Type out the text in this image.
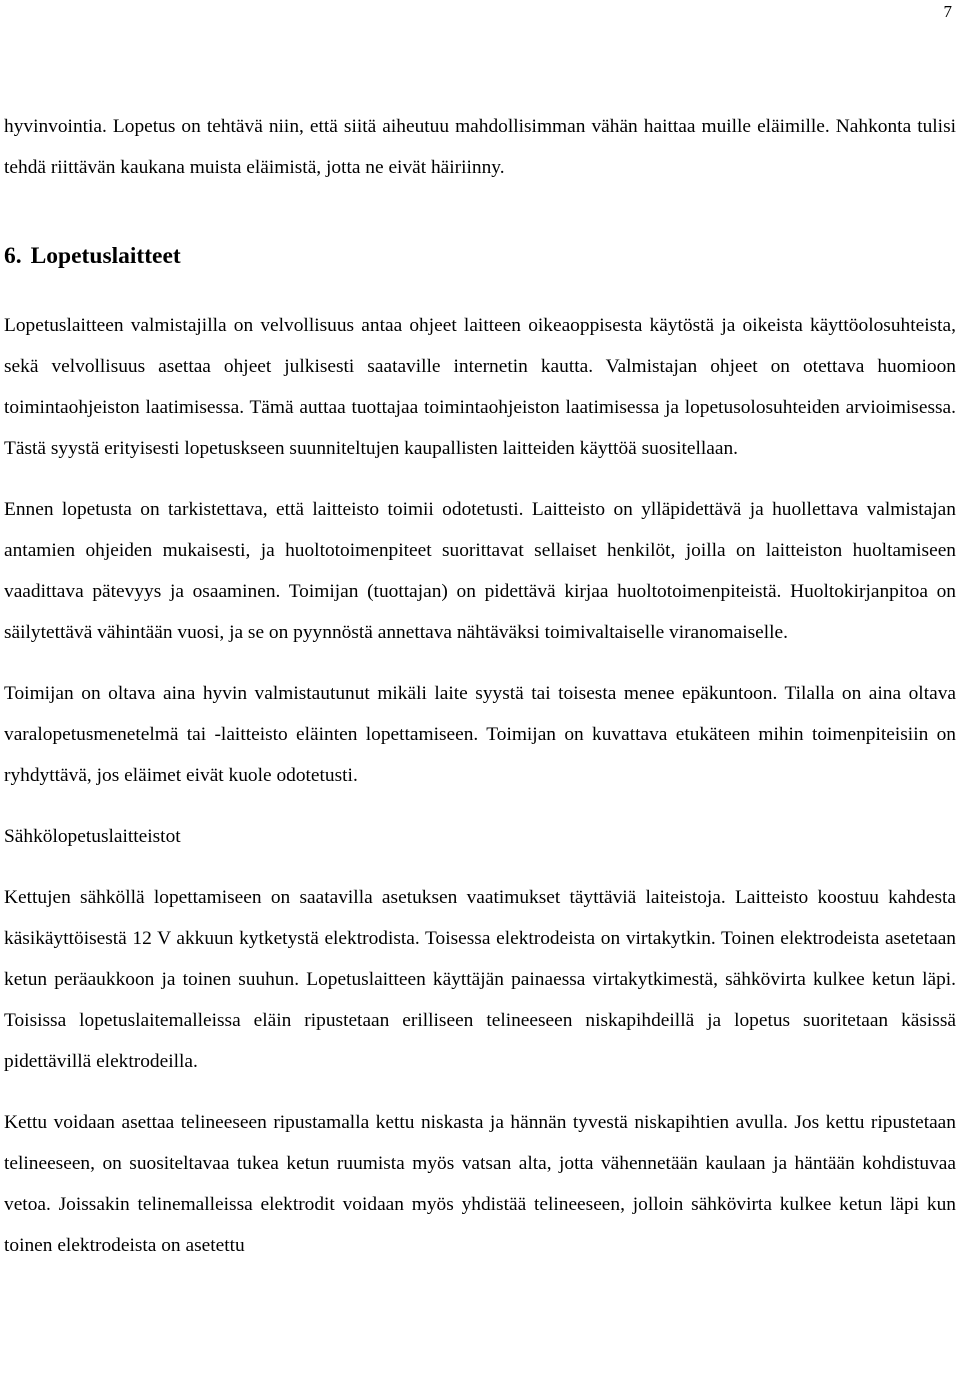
7

hyvinvointia. Lopetus on tehtävä niin, että siitä aiheutuu mahdollisimman vähän haittaa muille eläimille. Nahkonta tulisi tehdä riittävän kaukana muista eläimistä, jotta ne eivät häiriinny.

6. Lopetuslaitteet

Lopetuslaitteen valmistajilla on velvollisuus antaa ohjeet laitteen oikeaoppisesta käytöstä ja oikeista käyttöolosuhteista, sekä velvollisuus asettaa ohjeet julkisesti saataville internetin kautta. Valmistajan ohjeet on otettava huomioon toimintaohjeiston laatimisessa. Tämä auttaa tuottajaa toimintaohjeiston laatimisessa ja lopetusolosuhteiden arvioimisessa. Tästä syystä erityisesti lopetuskseen suunniteltujen kaupallisten laitteiden käyttöä suositellaan.

Ennen lopetusta on tarkistettava, että laitteisto toimii odotetusti. Laitteisto on ylläpidettävä ja huollettava valmistajan antamien ohjeiden mukaisesti, ja huoltotoimenpiteet suorittavat sellaiset henkilöt, joilla on laitteiston huoltamiseen vaadittava pätevyys ja osaaminen. Toimijan (tuottajan) on pidettävä kirjaa huoltotoimenpiteistä. Huoltokirjanpitoa on säilytettävä vähintään vuosi, ja se on pyynnöstä annettava nähtäväksi toimivaltaiselle viranomaiselle.

Toimijan on oltava aina hyvin valmistautunut mikäli laite syystä tai toisesta menee epäkuntoon. Tilalla on aina oltava varalopetusmenetelmä tai -laitteisto eläinten lopettamiseen. Toimijan on kuvattava etukäteen mihin toimenpiteisiin on ryhdyttävä, jos eläimet eivät kuole odotetusti.

Sähkölopetuslaitteistot

Kettujen sähköllä lopettamiseen on saatavilla asetuksen vaatimukset täyttäviä laiteistoja. Laitteisto koostuu kahdesta käsikäyttöisestä 12 V akkuun kytketystä elektrodista. Toisessa elektrodeista on virtakytkin. Toinen elektrodeista asetetaan ketun peräaukkoon ja toinen suuhun. Lopetuslaitteen käyttäjän painaessa virtakytkimestä, sähkövirta kulkee ketun läpi. Toisissa lopetuslaitemalleissa eläin ripustetaan erilliseen telineeseen niskapihdeillä ja lopetus suoritetaan käsissä pidettävillä elektrodeilla.

Kettu voidaan asettaa telineeseen ripustamalla kettu niskasta ja hännän tyvestä niskapihtien avulla. Jos kettu ripustetaan telineeseen, on suositeltavaa tukea ketun ruumista myös vatsan alta, jotta vähennetään kaulaan ja häntään kohdistuvaa vetoa. Joissakin telinemalleissa elektrodit voidaan myös yhdistää telineeseen, jolloin sähkövirta kulkee ketun läpi kun toinen elektrodeista on asetettu
